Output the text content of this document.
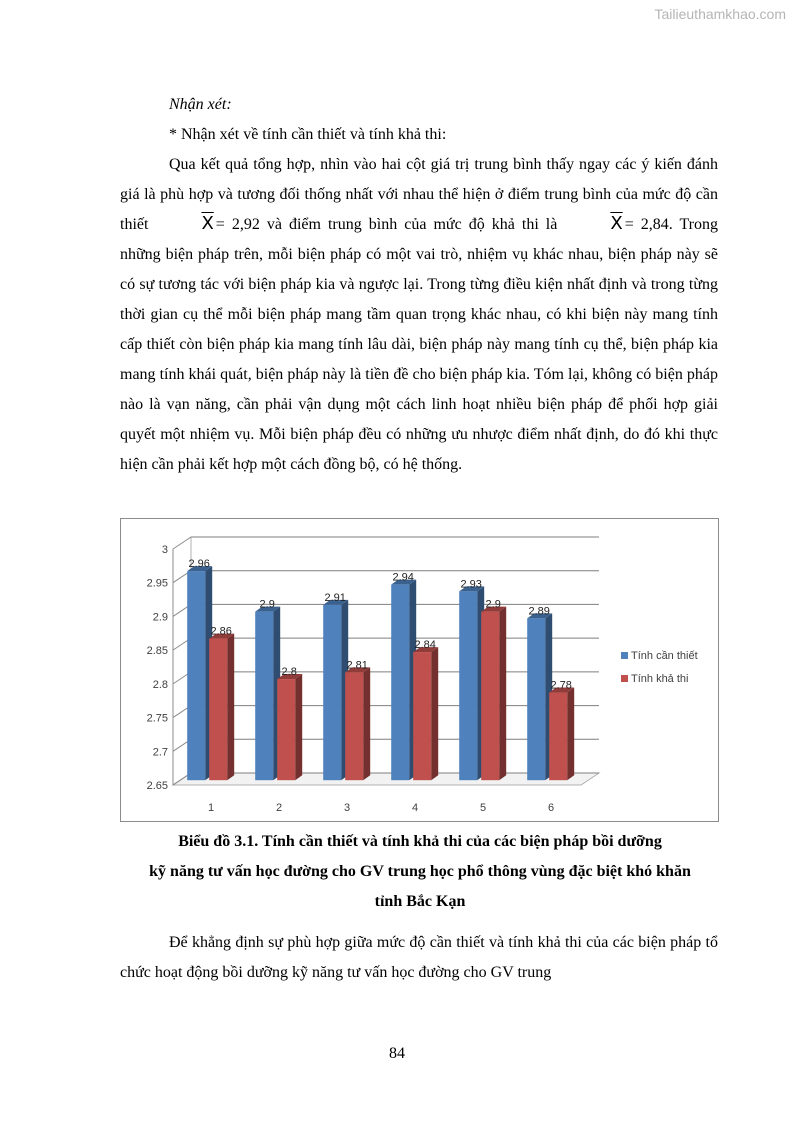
Tailieuthamkhao.com

Nhận xét:

* Nhận xét về tính cần thiết và tính khả thi:

Qua kết quả tổng hợp, nhìn vào hai cột giá trị trung bình thấy ngay các ý kiến đánh giá là phù hợp và tương đối thống nhất với nhau thể hiện ở điểm trung bình của mức độ cần thiết	$\overline{X} = 2,92$ và điểm trung bình của mức độ khả thi là	$\overline{X} = 2,84$. Trong những biện pháp trên, mỗi biện pháp có một vai trò, nhiệm vụ khác nhau, biện pháp này sẽ có sự tương tác với biện pháp kia và ngược lại. Trong từng điều kiện nhất định và trong từng thời gian cụ thể mỗi biện pháp mang tầm quan trọng khác nhau, có khi biện này mang tính cấp thiết còn biện pháp kia mang tính lâu dài, biện pháp này mang tính cụ thể, biện pháp kia mang tính khái quát, biện pháp này là tiền đề cho biện pháp kia. Tóm lại, không có biện pháp nào là vạn năng, cần phải vận dụng một cách linh hoạt nhiều biện pháp để phối hợp giải quyết một nhiệm vụ. Mỗi biện pháp đều có những ưu nhược điểm nhất định, do đó khi thực hiện cần phải kết hợp một cách đồng bộ, có hệ thống.

3
2.95
2.9
2.85
2.8
2.75
2.7
2.65
2.96
2.86
1
2.9
2.8
2
2.91
2.81
3
2.94
2.84
4
2.93
2.9
5
2.89
2.78
6
Tính cần thiết
Tính khả thi
Biểu đồ 3.1. Tính cần thiết và tính khả thi của các biện pháp bồi dưỡng
kỹ năng tư vấn học đường cho GV trung học phổ thông vùng đặc biệt khó khăn
tỉnh Bắc Kạn

Để khẳng định sự phù hợp giữa mức độ cần thiết và tính khả thi của các biện pháp tổ chức hoạt động bồi dưỡng kỹ năng tư vấn học đường cho GV trung

84
